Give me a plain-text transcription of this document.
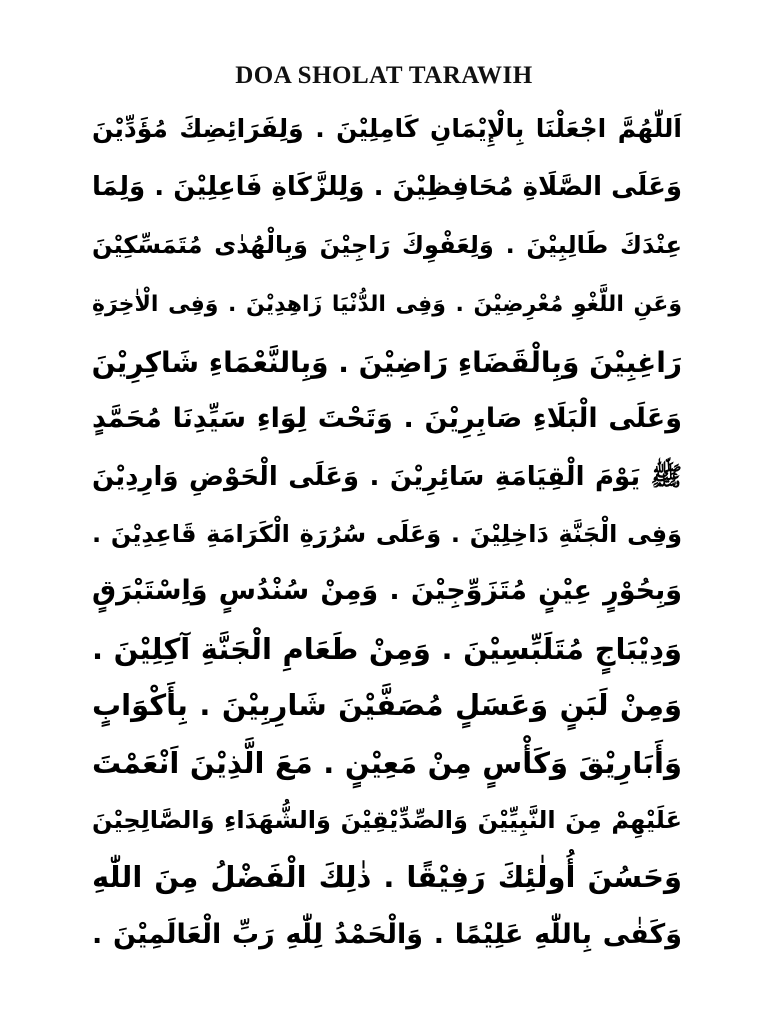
DOA SHOLAT TARAWIH
اَللّٰهُمَّ اجْعَلْنَا بِالْإِيْمَانِ كَامِلِيْنَ . وَلِفَرَائِضِكَ مُؤَدِّيْنَ
وَعَلَى الصَّلَاةِ مُحَافِظِيْنَ . وَلِلزَّكَاةِ فَاعِلِيْنَ . وَلِمَا
عِنْدَكَ طَالِبِيْنَ . وَلِعَفْوِكَ رَاجِيْنَ وَبِالْهُدٰى مُتَمَسِّكِيْنَ
وَعَنِ اللَّغْوِ مُعْرِضِيْنَ . وَفِى الدُّنْيَا زَاهِدِيْنَ . وَفِى الْاٰخِرَةِ
رَاغِبِيْنَ وَبِالْقَضَاءِ رَاضِيْنَ . وَبِالنَّعْمَاءِ شَاكِرِيْنَ
وَعَلَى الْبَلَاءِ صَابِرِيْنَ . وَتَحْتَ لِوَاءِ سَيِّدِنَا مُحَمَّدٍ
ﷺ يَوْمَ الْقِيَامَةِ سَائِرِيْنَ . وَعَلَى الْحَوْضِ وَارِدِيْنَ
وَفِى الْجَنَّةِ دَاخِلِيْنَ . وَعَلَى سُرُرَةِ الْكَرَامَةِ قَاعِدِيْنَ .
وَبِحُوْرٍ عِيْنٍ مُتَزَوِّجِيْنَ . وَمِنْ سُنْدُسٍ وَاِسْتَبْرَقٍ
وَدِيْبَاجٍ مُتَلَبِّسِيْنَ . وَمِنْ طَعَامِ الْجَنَّةِ آكِلِيْنَ .
وَمِنْ لَبَنٍ وَعَسَلٍ مُصَفَّيْنَ شَارِبِيْنَ . بِأَكْوَابٍ
وَأَبَارِيْقَ وَكَأْسٍ مِنْ مَعِيْنٍ . مَعَ الَّذِيْنَ اَنْعَمْتَ
عَلَيْهِمْ مِنَ النَّبِيِّيْنَ وَالصِّدِّيْقِيْنَ وَالشُّهَدَاءِ وَالصَّالِحِيْنَ
وَحَسُنَ أُولٰئِكَ رَفِيْقًا . ذٰلِكَ الْفَضْلُ مِنَ اللّٰهِ
وَكَفٰى بِاللّٰهِ عَلِيْمًا . وَالْحَمْدُ لِلّٰهِ رَبِّ الْعَالَمِيْنَ .
